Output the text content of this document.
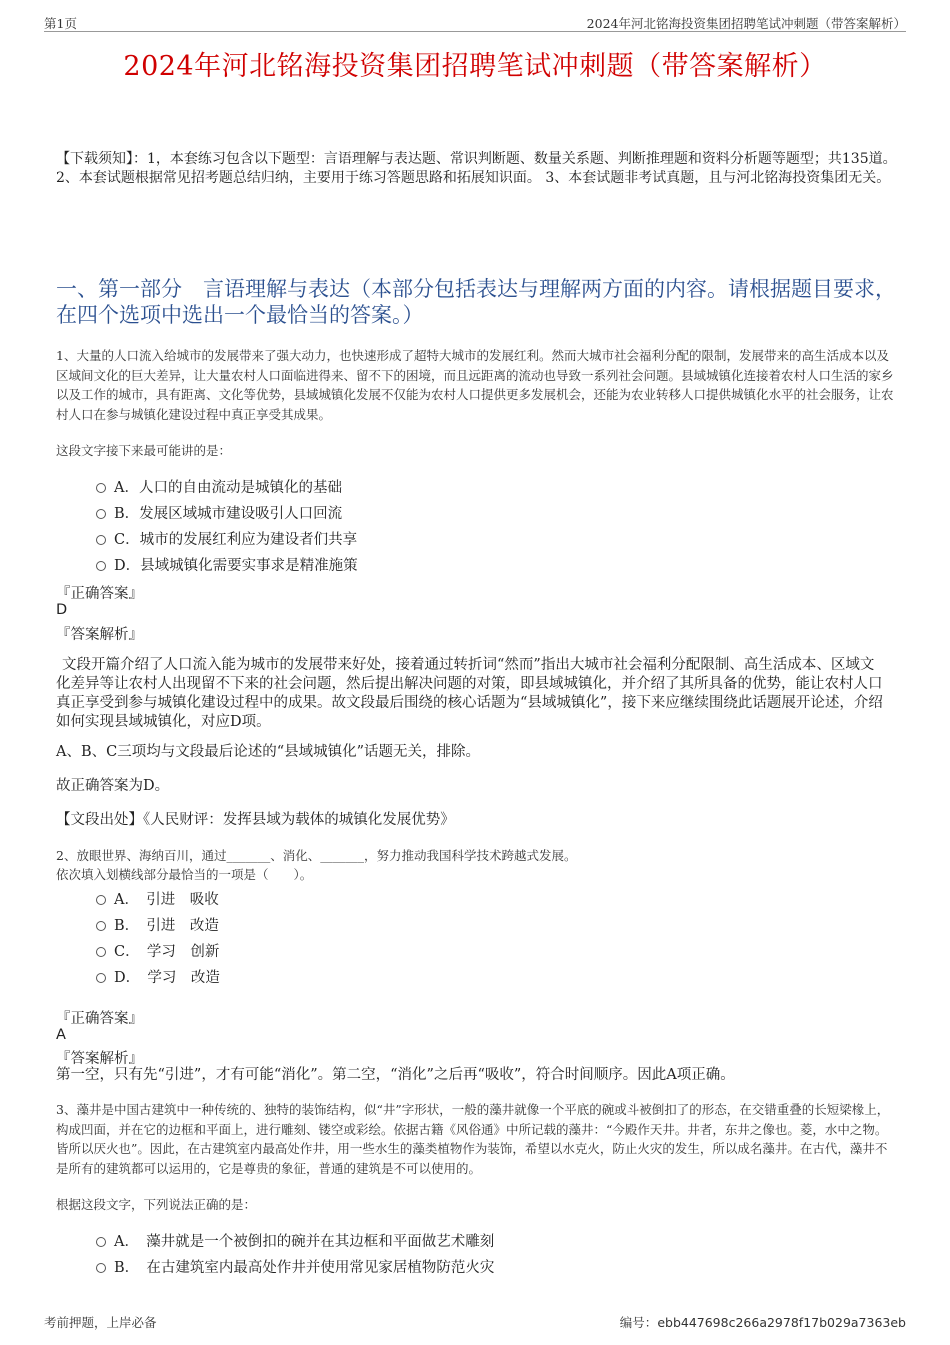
第1页	2024年河北铭海投资集团招聘笔试冲刺题（带答案解析）
2024年河北铭海投资集团招聘笔试冲刺题（带答案解析）
【下载须知】：1，本套练习包含以下题型：言语理解与表达题、常识判断题、数量关系题、判断推理题和资料分析题等题型；共135道。 2、本套试题根据常见招考题总结归纳，主要用于练习答题思路和拓展知识面。 3、本套试题非考试真题，且与河北铭海投资集团无关。
一、第一部分　言语理解与表达（本部分包括表达与理解两方面的内容。请根据题目要求，在四个选项中选出一个最恰当的答案。）
1、大量的人口流入给城市的发展带来了强大动力，也快速形成了超特大城市的发展红利。然而大城市社会福利分配的限制，发展带来的高生活成本以及区域间文化的巨大差异，让大量农村人口面临进得来、留不下的困境，而且远距离的流动也导致一系列社会问题。县域城镇化连接着农村人口生活的家乡以及工作的城市，具有距离、文化等优势，县域城镇化发展不仅能为农村人口提供更多发展机会，还能为农业转移人口提供城镇化水平的社会服务，让农村人口在参与城镇化建设过程中真正享受其成果。
这段文字接下来最可能讲的是：
A．人口的自由流动是城镇化的基础
B．发展区域城市建设吸引人口回流
C．城市的发展红利应为建设者们共享
D．县域城镇化需要实事求是精准施策
『正确答案』
D
『答案解析』
文段开篇介绍了人口流入能为城市的发展带来好处，接着通过转折词“然而”指出大城市社会福利分配限制、高生活成本、区域文化差异等让农村人出现留不下来的社会问题，然后提出解决问题的对策，即县域城镇化，并介绍了其所具备的优势，能让农村人口真正享受到参与城镇化建设过程中的成果。故文段最后围绕的核心话题为“县域城镇化”，接下来应继续围绕此话题展开论述，介绍如何实现县域城镇化，对应D项。
A、B、C三项均与文段最后论述的“县域城镇化”话题无关，排除。
故正确答案为D。
【文段出处】《人民财评：发挥县域为载体的城镇化发展优势》
2、放眼世界、海纳百川，通过_______、消化、_______，努力推动我国科学技术跨越式发展。
依次填入划横线部分最恰当的一项是（　　）。
A．　引进　吸收
B．　引进　改造
C．　学习　创新
D．　学习　改造
『正确答案』
A
『答案解析』
第一空，只有先“引进”，才有可能“消化”。第二空，“消化”之后再“吸收”，符合时间顺序。因此A项正确。
3、藻井是中国古建筑中一种传统的、独特的装饰结构，似“井”字形状，一般的藻井就像一个平底的碗或斗被倒扣了的形态，在交错重叠的长短梁椽上，构成凹面，并在它的边框和平面上，进行雕刻、镂空或彩绘。依据古籍《风俗通》中所记载的藻井：“今殿作天井。井者，东井之像也。菱，水中之物。皆所以厌火也”。因此，在古建筑室内最高处作井，用一些水生的藻类植物作为装饰，希望以水克火，防止火灾的发生，所以成名藻井。在古代，藻井不是所有的建筑都可以运用的，它是尊贵的象征，普通的建筑是不可以使用的。
根据这段文字，下列说法正确的是：
A．　藻井就是一个被倒扣的碗并在其边框和平面做艺术雕刻
B．　在古建筑室内最高处作井并使用常见家居植物防范火灾
考前押题，上岸必备	编号：ebb447698c266a2978f17b029a7363eb
